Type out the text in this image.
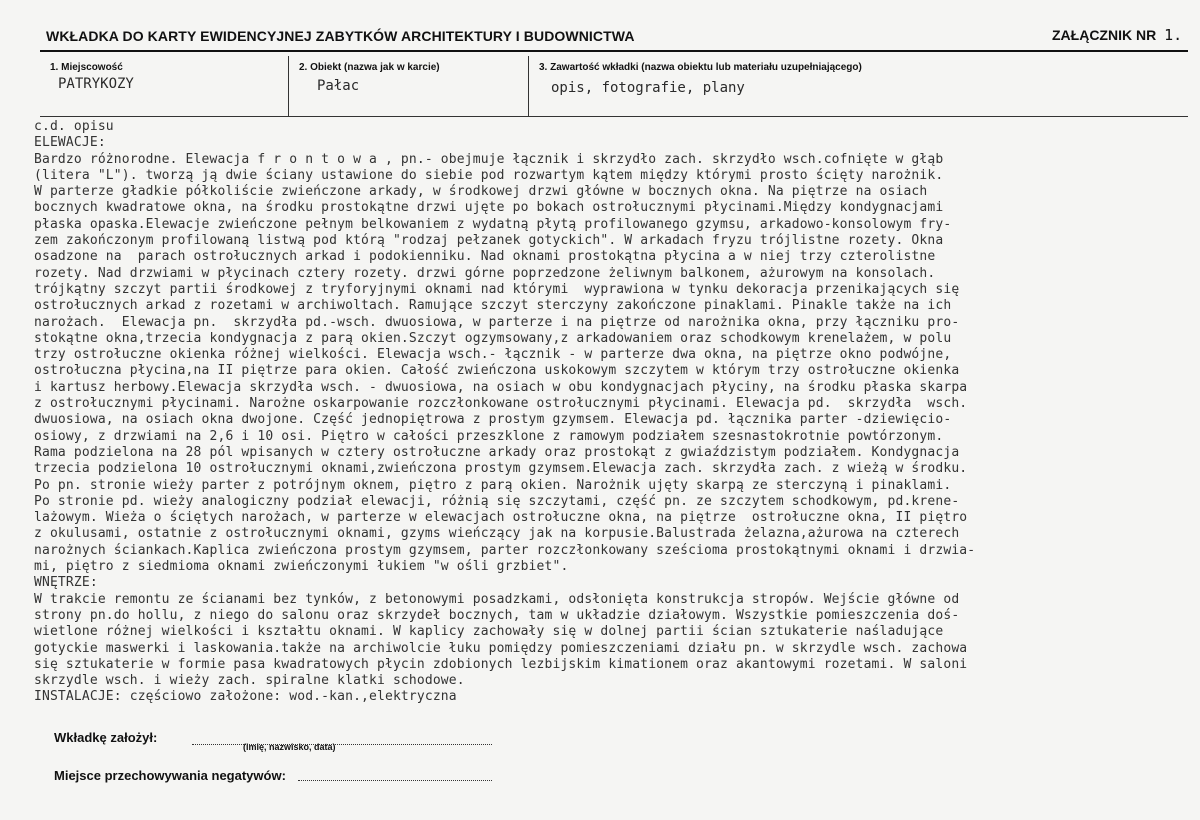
WKŁADKA DO KARTY EWIDENCYJNEJ ZABYTKÓW ARCHITEKTURY I BUDOWNICTWA	ZAŁĄCZNIK NR 1.
1. Miejscowość
PATRYKOZY
2. Obiekt (nazwa jak w karcie)
Pałac
3. Zawartość wkładki (nazwa obiektu lub materiału uzupełniającego)
opis, fotografie, plany
c.d. opisu
ELEWACJE:
Bardzo różnorodne. Elewacja f r o n t o w a , pn.- obejmuje łącznik i skrzydło zach. skrzydło wsch.cofnięte w głąb
(litera "L"). tworzą ją dwie ściany ustawione do siebie pod rozwartym kątem między którymi prosto ścięty narożnik.
W parterze gładkie półkoliście zwieńczone arkady, w środkowej drzwi główne w bocznych okna. Na piętrze na osiach
bocznych kwadratowe okna, na środku prostokątne drzwi ujęte po bokach ostrołucznymi płycinami.Między kondygnacjami
płaska opaska.Elewacje zwieńczone pełnym belkowaniem z wydatną płytą profilowanego gzymsu, arkadowo-konsolowym fry-
zem zakończonym profilowaną listwą pod którą "rodzaj pełzanek gotyckich". W arkadach fryzu trójlistne rozety. Okna
osadzone na  parach ostrołucznych arkad i podokienniku. Nad oknami prostokątna płycina a w niej trzy czterolistne
rozety. Nad drzwiami w płycinach cztery rozety. drzwi górne poprzedzone żeliwnym balkonem, ażurowym na konsolach.
trójkątny szczyt partii środkowej z tryforyjnymi oknami nad którymi  wyprawiona w tynku dekoracja przenikających się
ostrołucznych arkad z rozetami w archiwoltach. Ramujące szczyt sterczyny zakończone pinaklami. Pinakle także na ich
narożach.  Elewacja pn.  skrzydła pd.-wsch. dwuosiowa, w parterze i na piętrze od narożnika okna, przy łączniku pro-
stokątne okna,trzecia kondygnacja z parą okien.Szczyt ogzymsowany,z arkadowaniem oraz schodkowym krenelażem, w polu
trzy ostrołuczne okienka różnej wielkości. Elewacja wsch.- łącznik - w parterze dwa okna, na piętrze okno podwójne,
ostrołuczna płycina,na II piętrze para okien. Całość zwieńczona uskokowym szczytem w którym trzy ostrołuczne okienka
i kartusz herbowy.Elewacja skrzydła wsch. - dwuosiowa, na osiach w obu kondygnacjach płyciny, na środku płaska skarpa
z ostrołucznymi płycinami. Narożne oskarpowanie rozczłonkowane ostrołucznymi płycinami. Elewacja pd.  skrzydła  wsch.
dwuosiowa, na osiach okna dwojone. Część jednopiętrowa z prostym gzymsem. Elewacja pd. łącznika parter -dziewięcio-
osiowy, z drzwiami na 2,6 i 10 osi. Piętro w całości przeszklone z ramowym podziałem szesnastokrotnie powtórzonym.
Rama podzielona na 28 pól wpisanych w cztery ostrołuczne arkady oraz prostokąt z gwiaździstym podziałem. Kondygnacja
trzecia podzielona 10 ostrołucznymi oknami,zwieńczona prostym gzymsem.Elewacja zach. skrzydła zach. z wieżą w środku.
Po pn. stronie wieży parter z potrójnym oknem, piętro z parą okien. Narożnik ujęty skarpą ze sterczyną i pinaklami.
Po stronie pd. wieży analogiczny podział elewacji, różnią się szczytami, część pn. ze szczytem schodkowym, pd.krene-
lażowym. Wieża o ściętych narożach, w parterze w elewacjach ostrołuczne okna, na piętrze  ostrołuczne okna, II piętro
z okulusami, ostatnie z ostrołucznymi oknami, gzyms wieńczący jak na korpusie.Balustrada żelazna,ażurowa na czterech
narożnych ściankach.Kaplica zwieńczona prostym gzymsem, parter rozczłonkowany sześcioma prostokątnymi oknami i drzwia-
mi, piętro z siedmioma oknami zwieńczonymi łukiem "w ośli grzbiet".
WNĘTRZE:
W trakcie remontu ze ścianami bez tynków, z betonowymi posadzkami, odsłonięta konstrukcja stropów. Wejście główne od
strony pn.do hollu, z niego do salonu oraz skrzydeł bocznych, tam w układzie działowym. Wszystkie pomieszczenia doś-
wietlone różnej wielkości i kształtu oknami. W kaplicy zachowały się w dolnej partii ścian sztukaterie naśladujące
gotyckie maswerki i laskowania.także na archiwolcie łuku pomiędzy pomieszczeniami działu pn. w skrzydle wsch. zachowa
się sztukaterie w formie pasa kwadratowych płycin zdobionych lezbijskim kimationem oraz akantowymi rozetami. W saloni
skrzydle wsch. i wieży zach. spiralne klatki schodowe.
INSTALACJE: częściowo założone: wod.-kan.,elektryczna
Wkładkę założył:
(imię, nazwisko, data)
Miejsce przechowywania negatywów:
